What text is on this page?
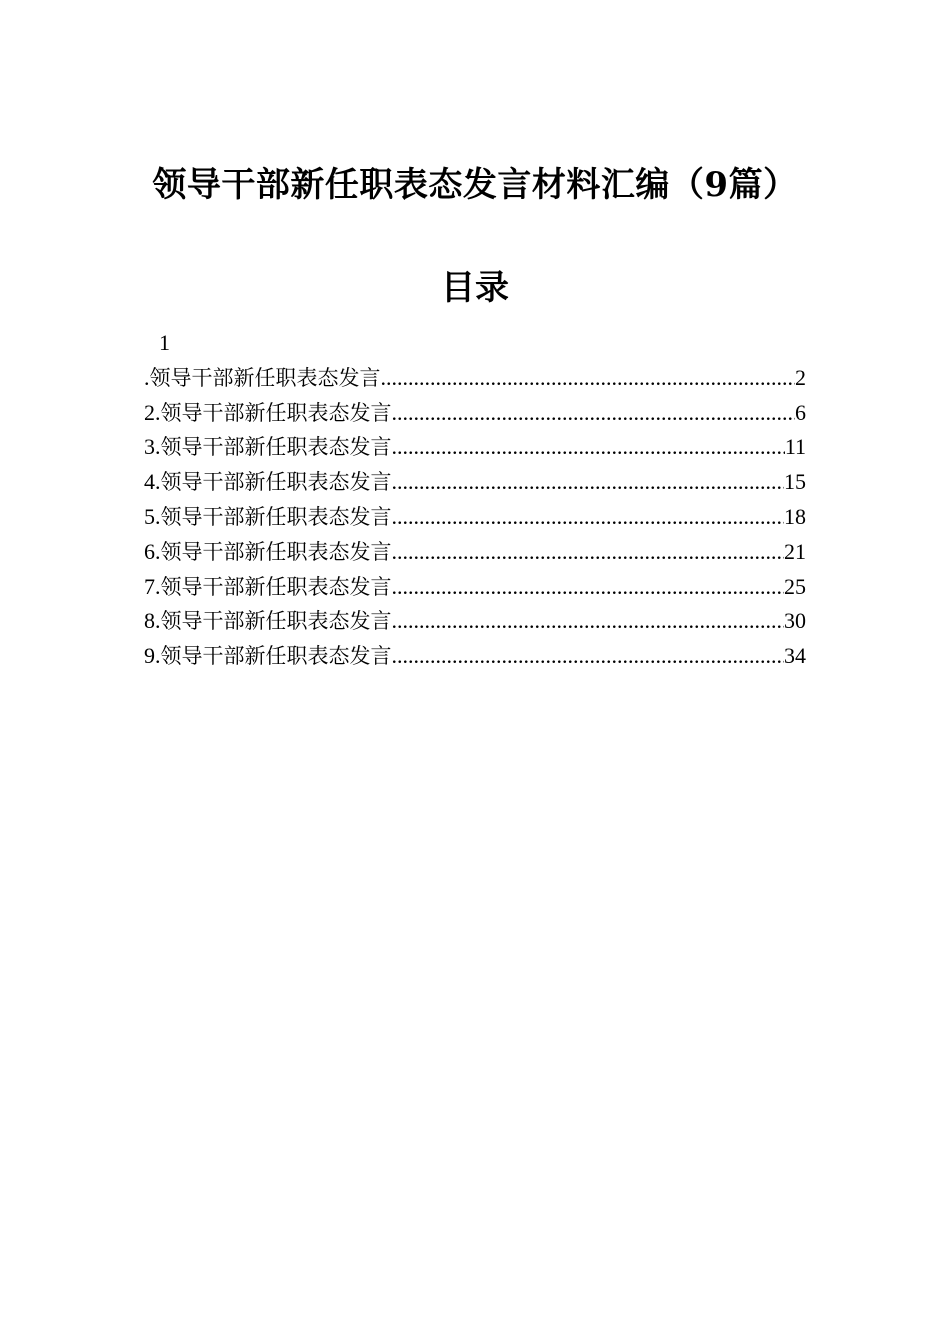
领导干部新任职表态发言材料汇编（9篇）
目录
1
.领导干部新任职表态发言 .....	2
2.领导干部新任职表态发言 .....	6
3.领导干部新任职表态发言 .....	11
4.领导干部新任职表态发言 .....	15
5.领导干部新任职表态发言 .....	18
6.领导干部新任职表态发言 .....	21
7.领导干部新任职表态发言 .....	25
8.领导干部新任职表态发言 .....	30
9.领导干部新任职表态发言 .....	34
